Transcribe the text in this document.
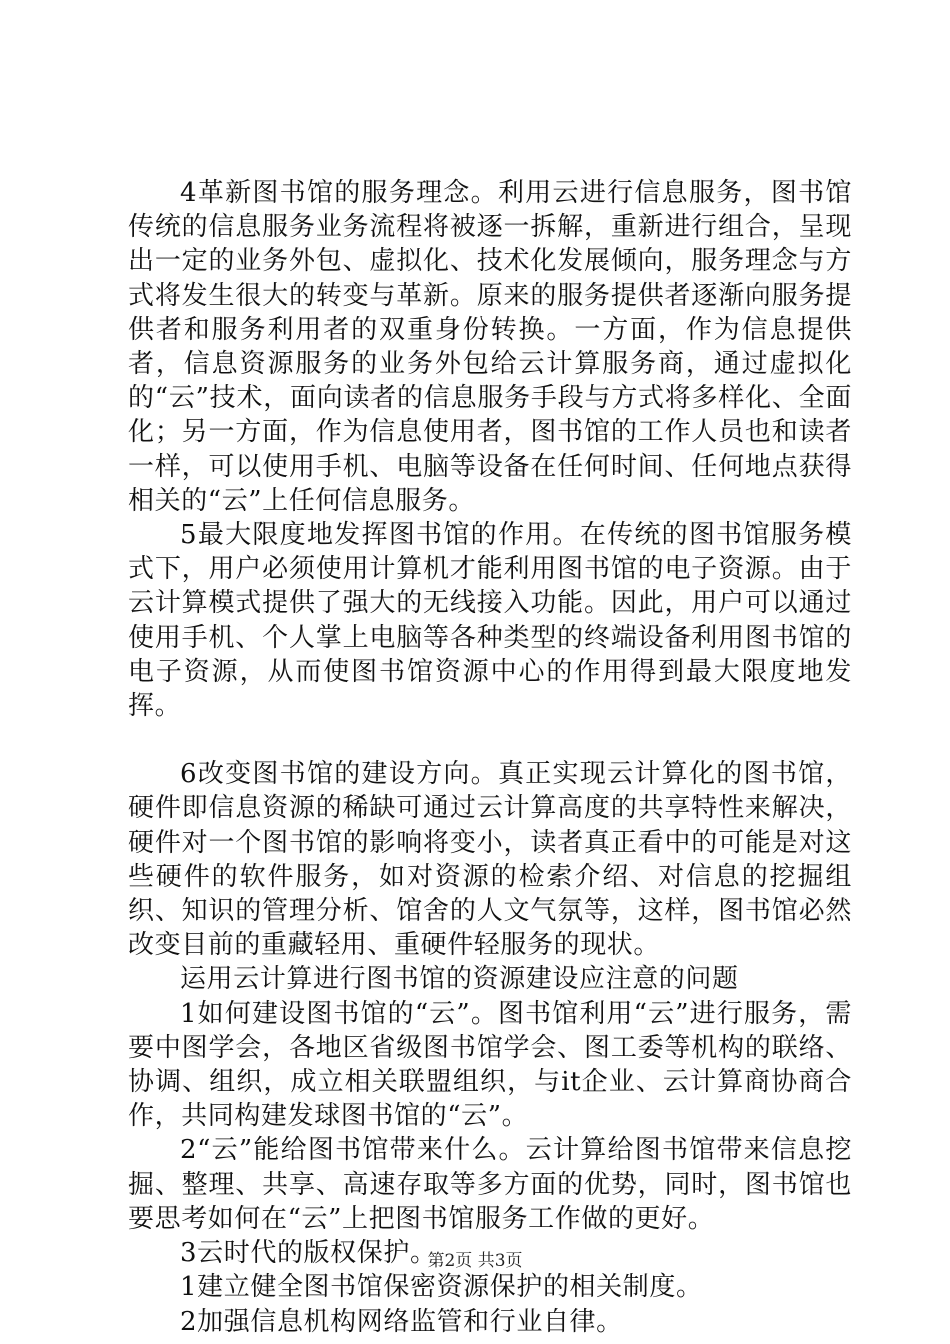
4革新图书馆的服务理念。利用云进行信息服务，图书馆传统的信息服务业务流程将被逐一拆解，重新进行组合，呈现出一定的业务外包、虚拟化、技术化发展倾向，服务理念与方式将发生很大的转变与革新。原来的服务提供者逐渐向服务提供者和服务利用者的双重身份转换。一方面，作为信息提供者，信息资源服务的业务外包给云计算服务商，通过虚拟化的“云”技术，面向读者的信息服务手段与方式将多样化、全面化；另一方面，作为信息使用者，图书馆的工作人员也和读者一样，可以使用手机、电脑等设备在任何时间、任何地点获得相关的“云”上任何信息服务。

5最大限度地发挥图书馆的作用。在传统的图书馆服务模式下，用户必须使用计算机才能利用图书馆的电子资源。由于云计算模式提供了强大的无线接入功能。因此，用户可以通过使用手机、个人掌上电脑等各种类型的终端设备利用图书馆的电子资源，从而使图书馆资源中心的作用得到最大限度地发挥。

6改变图书馆的建设方向。真正实现云计算化的图书馆，硬件即信息资源的稀缺可通过云计算高度的共享特性来解决，硬件对一个图书馆的影响将变小，读者真正看中的可能是对这些硬件的软件服务，如对资源的检索介绍、对信息的挖掘组织、知识的管理分析、馆舍的人文气氛等，这样，图书馆必然改变目前的重藏轻用、重硬件轻服务的现状。

运用云计算进行图书馆的资源建设应注意的问题

1如何建设图书馆的“云”。图书馆利用“云”进行服务，需要中图学会，各地区省级图书馆学会、图工委等机构的联络、协调、组织，成立相关联盟组织，与it企业、云计算商协商合作，共同构建发球图书馆的“云”。

2“云”能给图书馆带来什么。云计算给图书馆带来信息挖掘、整理、共享、高速存取等多方面的优势，同时，图书馆也要思考如何在“云”上把图书馆服务工作做的更好。

3云时代的版权保护。

1建立健全图书馆保密资源保护的相关制度。

2加强信息机构网络监管和行业自律。

第2页 共3页
